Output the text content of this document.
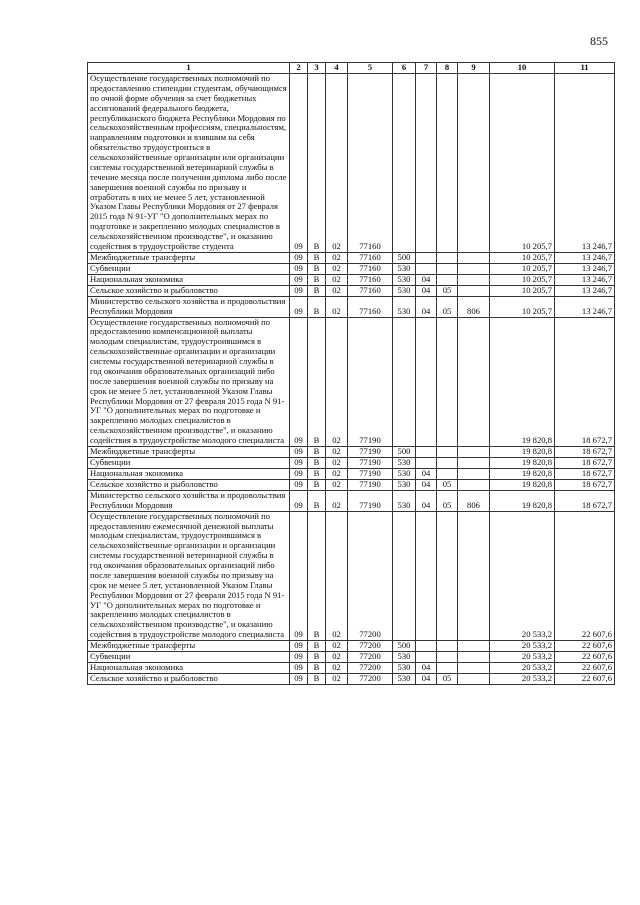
855
1	2	3	4	5	6	7	8	9	10	11
Осуществление государственных полномочий по предоставлению стипендии студентам, обучающимся по очной форме обучения за счет бюджетных ассигнований федерального бюджета, республиканского бюджета Республики Мордовия по сельскохозяйственным профессиям, специальностям, направлениям подготовки и взявшим на себя обязательство трудоустроиться в сельскохозяйственные организации или организации системы государственной ветеринарной службы в течение месяца после получения диплома либо после завершения военной службы по призыву и отработать в них не менее 5 лет, установленной Указом Главы Республики Мордовия от 27 февраля 2015 года N 91-УГ "О дополнительных мерах по подготовке и закреплению молодых специалистов в сельскохозяйственном производстве", и оказанию содействия в трудоустройстве студента	09	В	02	77160					10 205,7	13 246,7
Межбюджетные трансферты	09	В	02	77160	500				10 205,7	13 246,7
Субвенции	09	В	02	77160	530				10 205,7	13 246,7
Национальная экономика	09	В	02	77160	530	04			10 205,7	13 246,7
Сельское хозяйство и рыболовство	09	В	02	77160	530	04	05		10 205,7	13 246,7
Министерство сельского хозяйства и продовольствия Республики Мордовия	09	В	02	77160	530	04	05	806	10 205,7	13 246,7
Осуществление государственных полномочий по предоставлению компенсационной выплаты молодым специалистам, трудоустроившимся в сельскохозяйственные организации и организации системы государственной ветеринарной службы в год окончания образовательных организаций либо после завершения военной службы по призыву на срок не менее 5 лет, установленной Указом Главы Республики Мордовия от 27 февраля 2015 года N 91-УГ "О дополнительных мерах по подготовке и закреплению молодых специалистов в сельскохозяйственном производстве", и оказанию содействия в трудоустройстве молодого специалиста	09	В	02	77190					19 820,8	18 672,7
Межбюджетные трансферты	09	В	02	77190	500				19 820,8	18 672,7
Субвенции	09	В	02	77190	530				19 820,8	18 672,7
Национальная экономика	09	В	02	77190	530	04			19 820,8	18 672,7
Сельское хозяйство и рыболовство	09	В	02	77190	530	04	05		19 820,8	18 672,7
Министерство сельского хозяйства и продовольствия Республики Мордовия	09	В	02	77190	530	04	05	806	19 820,8	18 672,7
Осуществление государственных полномочий по предоставлению ежемесячной денежной выплаты молодым специалистам, трудоустроившимся в сельскохозяйственные организации и организации системы государственной ветеринарной службы в год окончания образовательных организаций либо после завершения военной службы по призыву на срок не менее 5 лет, установленной Указом Главы Республики Мордовия от 27 февраля 2015 года N 91-УГ "О дополнительных мерах по подготовке и закреплению молодых специалистов в сельскохозяйственном производстве", и оказанию содействия в трудоустройстве молодого специалиста	09	В	02	77200					20 533,2	22 607,6
Межбюджетные трансферты	09	В	02	77200	500				20 533,2	22 607,6
Субвенции	09	В	02	77200	530				20 533,2	22 607,6
Национальная экономика	09	В	02	77200	530	04			20 533,2	22 607,6
Сельское хозяйство и рыболовство	09	В	02	77200	530	04	05		20 533,2	22 607,6
